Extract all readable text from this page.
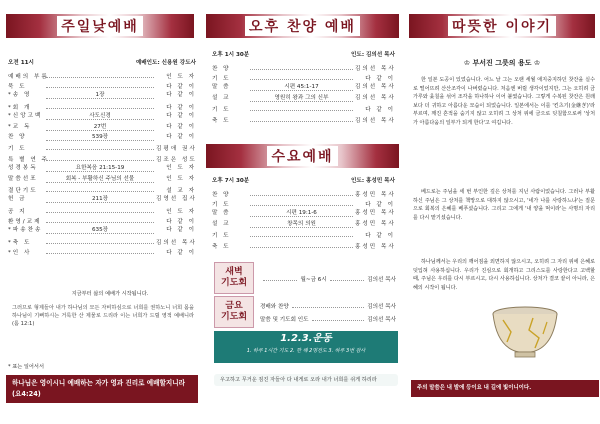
주일낮예배
오전 11시	예배인도: 신용원 강도사
예배의 부름	인 도 자
묵 도	다 같 이
*송 영	1장	다 같 이
*회 개	다 같 이
*신앙고백	사도신경	다 같 이
*교 독	27번	다 같 이
찬 양	539장	다 같 이
기 도	김평애 권사
특 별 연 주	김조은 성도
성경봉독	요한복음 21:15-19	인 도 자
말씀선포	회복 - 부활하신 주님의 선물	인 도 자
결단기도	설 교 자
헌 금	211장	김영선 집사
공 지	인 도 자
환영/교제	다 같 이
*파송찬송	635장	다 같 이
*축 도	김의선 목사
*인 사	다 같 이
지금부터 삶의 예배가 시작됩니다.
그러므로 형제들아 내가 하나님의 모든 자비하심으로 너희를 권하노니 너희 몸을 하나님이 기뻐하시는 거룩한 산 제물로 드리라 이는 너희가 드릴 영적 예배니라(롬 12:1)
* 표는 일어서서
하나님은 영이시니 예배하는 자가 영과 진리로 예배할지니라 (요4:24)
오후 찬양 예배
오후 1시 30분	인도: 김의선 목사
찬 양	김의선 목사
기 도	다 같 이
말 씀	시편 45:1-17	김의선 목사
설 교	영원히 왕과 그의 신부	김의선 목사
기 도	다 같 이
축 도	김의선 목사
수요예배
오후 7시 30분	인도: 홍성민 목사
찬 양	홍성민 목사
기 도	다 같 이
말 씀	시편 19:1-6	홍성민 목사
설 교	창목의 의원	홍성민 목사
기 도	다 같 이
축 도	홍성민 목사
새벽
기도회	월~금 6시	김의선 목사
금요
기도회
경배와 찬양	김의선 목사
말씀 및 기도회 인도	김의선 목사
1.2.3.운동
1. 하루 1시간 기도 2. 한 해 2명전도 3. 하루 3번 감사
우고하고 무거운 짐진 자들아 다 내게로 오라 내가 너희를 쉬게 하리라
따뜻한 이야기
♔ 부서진 그릇의 용도 ♔
한 일본 도공이 있었습니다. 어느 날 그는 오랜 세월 애지중지하던 찻잔을 실수로 떨어뜨려 산산조각이 나버렸습니다. 처음엔 버릴 생각이었지만, 그는 오히려 금 가루와 옻칠을 섞어 조각을 하나하나 이어 붙였습니다. 그렇게 수복된 찻잔은 원래보다 더 귀하고 아름다운 모습이 되었습니다. 일본에서는 이를 '킨츠기(金継ぎ)'라 부르며, 깨진 흔적을 숨기지 않고 오히려 그 상처 위에 금으로 덧칠함으로써 '상처가 아름다움의 일부가 되게 한다'고 여깁니다.
베드로는 주님을 세 번 부인한 깊은 상처를 지닌 사람이었습니다. 그러나 부활하신 주님은 그 상처를 책망으로 대하지 않으시고, '네가 나를 사랑하느냐'는 질문으로 회복의 은혜를 베푸셨습니다. 그리고 그에게 '내 양을 먹이라'는 사명의 자리를 다시 맡기셨습니다.
하나님께서는 우리의 깨어짐을 외면하지 않으시고, 오히려 그 자리 위에 은혜로 덧입혀 사용하십니다. 우리가 진심으로 회개하고 그리스도를 사랑한다고 고백할 때, 주님은 우리를 다시 부르시고, 다시 사용하십니다. 상처가 결코 끝이 아니라, 은혜의 시작이 됩니다.
주의 말씀은 내 발에 등이요 내 길에 빛이니이다.
